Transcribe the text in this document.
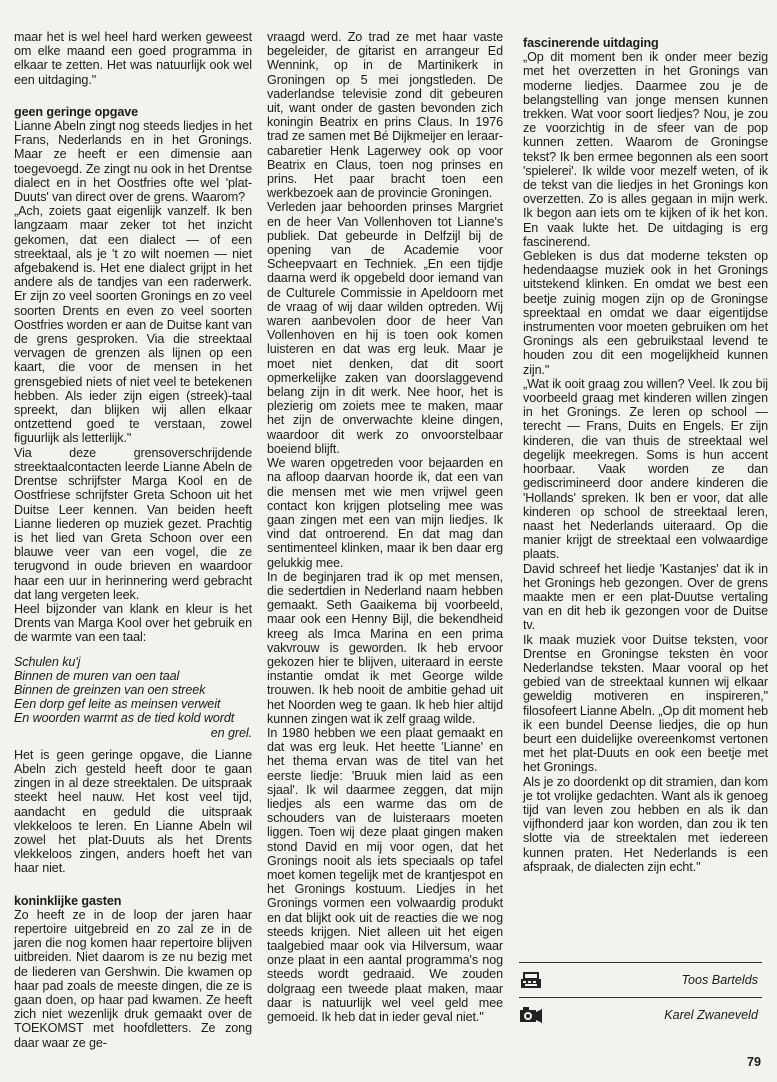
maar het is wel heel hard werken geweest om elke maand een goed programma in elkaar te zetten. Het was natuurlijk ook wel een uitdaging."

geen geringe opgave

Lianne Abeln zingt nog steeds liedjes in het Frans, Nederlands en in het Gronings. Maar ze heeft er een dimensie aan toegevoegd. Ze zingt nu ook in het Drentse dialect en in het Oostfries ofte wel 'plat-Duuts' van direct over de grens. Waarom?

„Ach, zoiets gaat eigenlijk vanzelf. Ik ben langzaam maar zeker tot het inzicht gekomen, dat een dialect — of een streektaal, als je 't zo wilt noemen — niet afgebakend is. Het ene dialect grijpt in het andere als de tandjes van een raderwerk. Er zijn zo veel soorten Gronings en zo veel soorten Drents en even zo veel soorten Oostfries worden er aan de Duitse kant van de grens gesproken. Via die streektaal vervagen de grenzen als lijnen op een kaart, die voor de mensen in het grensgebied niets of niet veel te betekenen hebben. Als ieder zijn eigen (streek)-taal spreekt, dan blijken wij allen elkaar ontzettend goed te verstaan, zowel figuurlijk als letterlijk."

Via deze grensoverschrijdende streektaalcontacten leerde Lianne Abeln de Drentse schrijfster Marga Kool en de Oostfriese schrijfster Greta Schoon uit het Duitse Leer kennen. Van beiden heeft Lianne liederen op muziek gezet. Prachtig is het lied van Greta Schoon over een blauwe veer van een vogel, die ze terugvond in oude brieven en waardoor haar een uur in herinnering werd gebracht dat lang vergeten leek.

Heel bijzonder van klank en kleur is het Drents van Marga Kool over het gebruik en de warmte van een taal:

Schulen ku'j
Binnen de muren van oen taal
Binnen de greinzen van oen streek
Een dorp gef leite as meinsen verweit
En woorden warmt as de tied kold wordt
en grel.

Het is geen geringe opgave, die Lianne Abeln zich gesteld heeft door te gaan zingen in al deze streektalen. De uitspraak steekt heel nauw. Het kost veel tijd, aandacht en geduld die uitspraak vlekkeloos te leren. En Lianne Abeln wil zowel het plat-Duuts als het Drents vlekkeloos zingen, anders hoeft het van haar niet.

koninklijke gasten

Zo heeft ze in de loop der jaren haar repertoire uitgebreid en zo zal ze in de jaren die nog komen haar repertoire blijven uitbreiden. Niet daarom is ze nu bezig met de liederen van Gershwin. Die kwamen op haar pad zoals de meeste dingen, die ze is gaan doen, op haar pad kwamen. Ze heeft zich niet wezenlijk druk gemaakt over de TOEKOMST met hoofdletters. Ze zong daar waar ze ge-

vraagd werd. Zo trad ze met haar vaste begeleider, de gitarist en arrangeur Ed Wennink, op in de Martinikerk in Groningen op 5 mei jongstleden. De vaderlandse televisie zond dit gebeuren uit, want onder de gasten bevonden zich koningin Beatrix en prins Claus. In 1976 trad ze samen met Bé Dijkmeijer en leraar-cabaretier Henk Lagerwey ook op voor Beatrix en Claus, toen nog prinses en prins. Het paar bracht toen een werkbezoek aan de provincie Groningen.

Verleden jaar behoorden prinses Margriet en de heer Van Vollenhoven tot Lianne's publiek. Dat gebeurde in Delfzijl bij de opening van de Academie voor Scheepvaart en Techniek. „En een tijdje daarna werd ik opgebeld door iemand van de Culturele Commissie in Apeldoorn met de vraag of wij daar wilden optreden. Wij waren aanbevolen door de heer Van Vollenhoven en hij is toen ook komen luisteren en dat was erg leuk. Maar je moet niet denken, dat dit soort opmerkelijke zaken van doorslaggevend belang zijn in dit werk. Nee hoor, het is plezierig om zoiets mee te maken, maar het zijn de onverwachte kleine dingen, waardoor dit werk zo onvoorstelbaar boeiend blijft.

We waren opgetreden voor bejaarden en na afloop daarvan hoorde ik, dat een van die mensen met wie men vrijwel geen contact kon krijgen plotseling mee was gaan zingen met een van mijn liedjes. Ik vind dat ontroerend. En dat mag dan sentimenteel klinken, maar ik ben daar erg gelukkig mee.

In de beginjaren trad ik op met mensen, die sedertdien in Nederland naam hebben gemaakt. Seth Gaaikema bij voorbeeld, maar ook een Henny Bijl, die bekendheid kreeg als Imca Marina en een prima vakvrouw is geworden. Ik heb ervoor gekozen hier te blijven, uiteraard in eerste instantie omdat ik met George wilde trouwen. Ik heb nooit de ambitie gehad uit het Noorden weg te gaan. Ik heb hier altijd kunnen zingen wat ik zelf graag wilde.

In 1980 hebben we een plaat gemaakt en dat was erg leuk. Het heette 'Lianne' en het thema ervan was de titel van het eerste liedje: 'Bruuk mien laid as een sjaal'. Ik wil daarmee zeggen, dat mijn liedjes als een warme das om de schouders van de luisteraars moeten liggen. Toen wij deze plaat gingen maken stond David en mij voor ogen, dat het Gronings nooit als iets speciaals op tafel moet komen tegelijk met de krantjespot en het Gronings kostuum. Liedjes in het Gronings vormen een volwaardig produkt en dat blijkt ook uit de reacties die we nog steeds krijgen. Niet alleen uit het eigen taalgebied maar ook via Hilversum, waar onze plaat in een aantal programma's nog steeds wordt gedraaid. We zouden dolgraag een tweede plaat maken, maar daar is natuurlijk wel veel geld mee gemoeid. Ik heb dat in ieder geval niet."

fascinerende uitdaging

„Op dit moment ben ik onder meer bezig met het overzetten in het Gronings van moderne liedjes. Daarmee zou je de belangstelling van jonge mensen kunnen trekken. Wat voor soort liedjes? Nou, je zou ze voorzichtig in de sfeer van de pop kunnen zetten. Waarom de Groningse tekst? Ik ben ermee begonnen als een soort 'spielerei'. Ik wilde voor mezelf weten, of ik de tekst van die liedjes in het Gronings kon overzetten. Zo is alles gegaan in mijn werk. Ik begon aan iets om te kijken of ik het kon. En vaak lukte het. De uitdaging is erg fascinerend.

Gebleken is dus dat moderne teksten op hedendaagse muziek ook in het Gronings uitstekend klinken. En omdat we best een beetje zuinig mogen zijn op de Groningse spreektaal en omdat we daar eigentijdse instrumenten voor moeten gebruiken om het Gronings als een gebruikstaal levend te houden zou dit een mogelijkheid kunnen zijn."

„Wat ik ooit graag zou willen? Veel. Ik zou bij voorbeeld graag met kinderen willen zingen in het Gronings. Ze leren op school — terecht — Frans, Duits en Engels. Er zijn kinderen, die van thuis de streektaal wel degelijk meekregen. Soms is hun accent hoorbaar. Vaak worden ze dan gediscrimineerd door andere kinderen die 'Hollands' spreken. Ik ben er voor, dat alle kinderen op school de streektaal leren, naast het Nederlands uiteraard. Op die manier krijgt de streektaal een volwaardige plaats.

David schreef het liedje 'Kastanjes' dat ik in het Gronings heb gezongen. Over de grens maakte men er een plat-Duutse vertaling van en dit heb ik gezongen voor de Duitse tv.

Ik maak muziek voor Duitse teksten, voor Drentse en Groningse teksten èn voor Nederlandse teksten. Maar vooral op het gebied van de streektaal kunnen wij elkaar geweldig motiveren en inspireren," filosofeert Lianne Abeln. „Op dit moment heb ik een bundel Deense liedjes, die op hun beurt een duidelijke overeenkomst vertonen met het plat-Duuts en ook een beetje met het Gronings.

Als je zo doordenkt op dit stramien, dan kom je tot vrolijke gedachten. Want als ik genoeg tijd van leven zou hebben en als ik dan vijfhonderd jaar kon worden, dan zou ik ten slotte via de streektalen met iedereen kunnen praten. Het Nederlands is een afspraak, de dialecten zijn echt."

Toos Bartelds
Karel Zwaneveld
79
